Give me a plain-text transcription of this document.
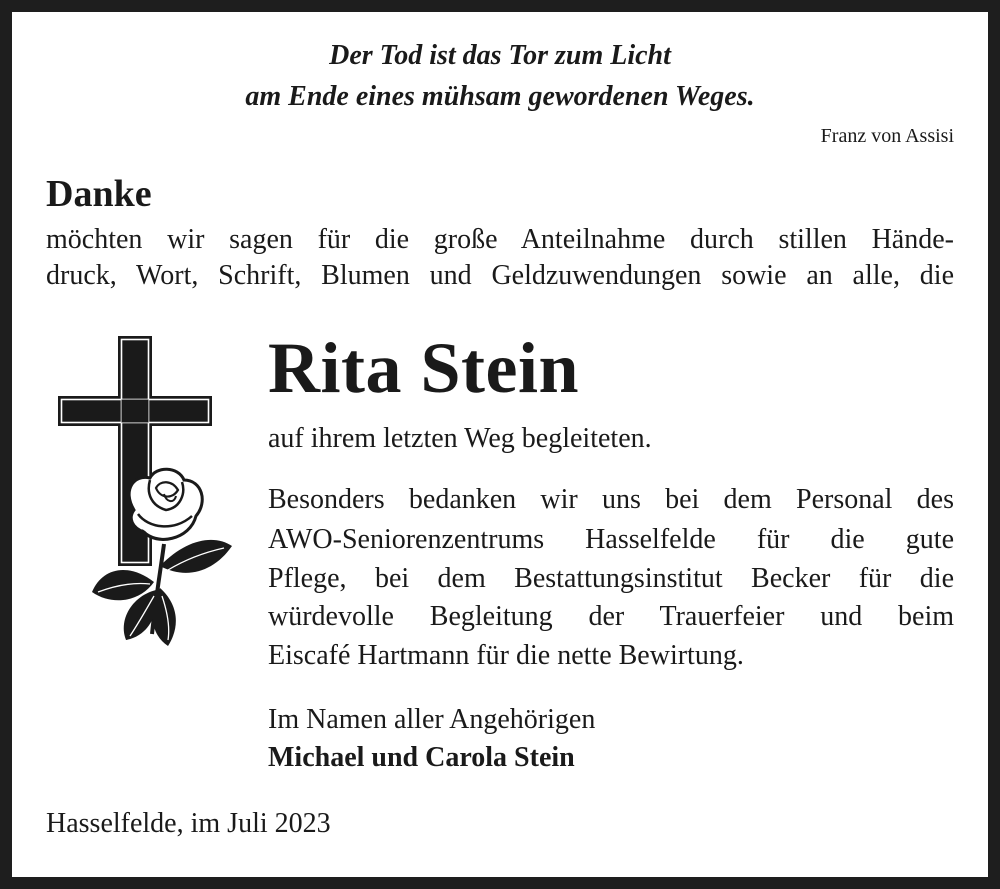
Der Tod ist das Tor zum Licht
am Ende eines mühsam gewordenen Weges.
Franz von Assisi
Danke
möchten wir sagen für die große Anteilnahme durch stillen Hände-
druck, Wort, Schrift, Blumen und Geldzuwendungen sowie an alle, die
Rita Stein
auf ihrem letzten Weg begleiteten.
Besonders bedanken wir uns bei dem Personal des
AWO-Seniorenzentrums Hasselfelde für die gute
Pflege, bei dem Bestattungsinstitut Becker für die
würdevolle Begleitung der Trauerfeier und beim
Eiscafé Hartmann für die nette Bewirtung.
Im Namen aller Angehörigen
Michael und Carola Stein
Hasselfelde, im Juli 2023
